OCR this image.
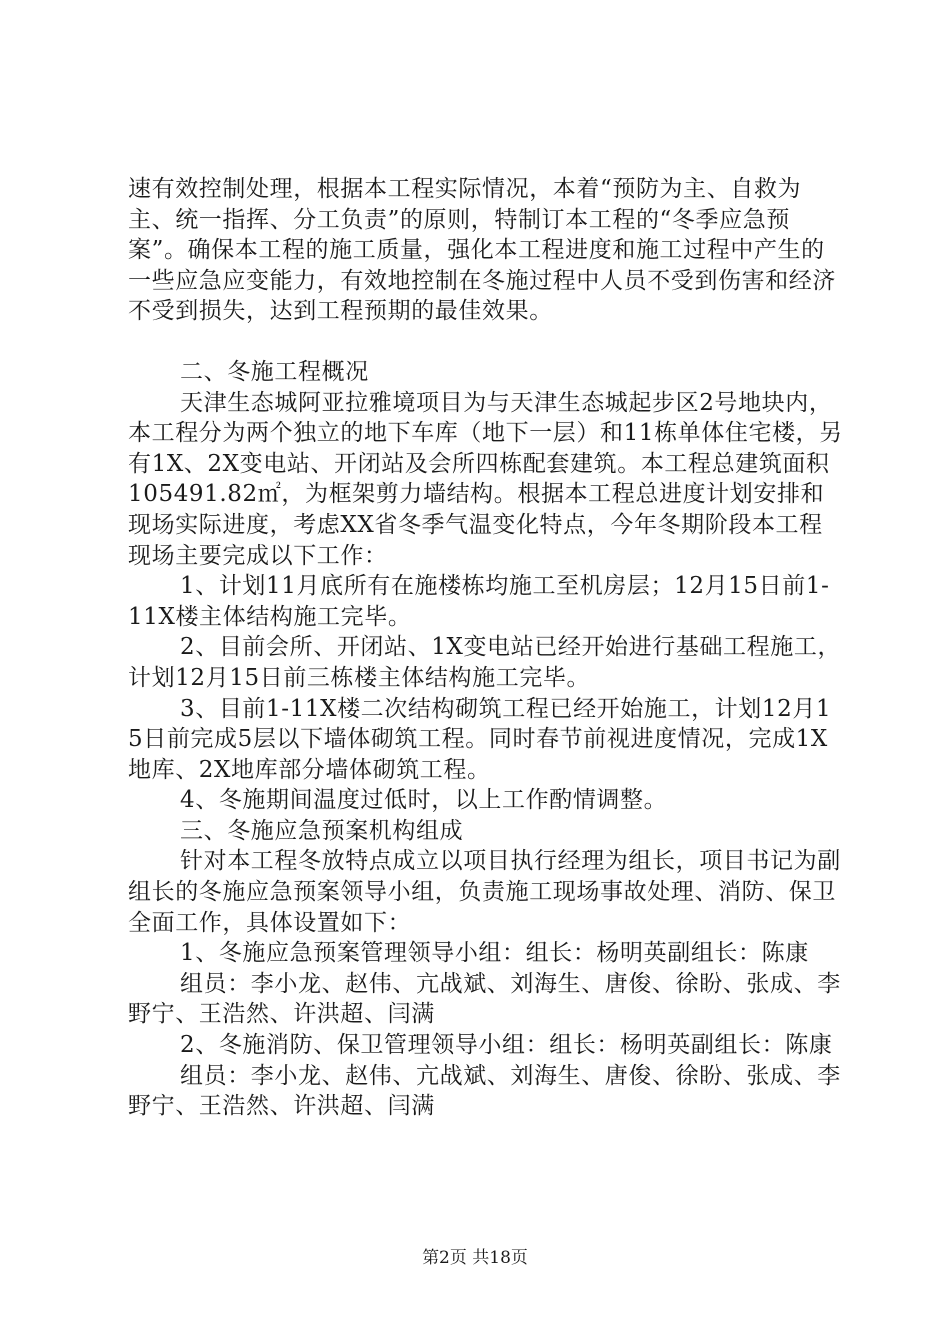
速有效控制处理，根据本工程实际情况，本着“预防为主、自救为主、统一指挥、分工负责”的原则，特制订本工程的“冬季应急预案”。确保本工程的施工质量，强化本工程进度和施工过程中产生的一些应急应变能力，有效地控制在冬施过程中人员不受到伤害和经济不受到损失，达到工程预期的最佳效果。

二、冬施工程概况

天津生态城阿亚拉雅境项目为与天津生态城起步区2号地块内，本工程分为两个独立的地下车库（地下一层）和11栋单体住宅楼，另有1X、2X变电站、开闭站及会所四栋配套建筑。本工程总建筑面积105491.82㎡，为框架剪力墙结构。根据本工程总进度计划安排和现场实际进度，考虑XX省冬季气温变化特点，今年冬期阶段本工程现场主要完成以下工作：

1、计划11月底所有在施楼栋均施工至机房层；12月15日前1-11X楼主体结构施工完毕。

2、目前会所、开闭站、1X变电站已经开始进行基础工程施工，计划12月15日前三栋楼主体结构施工完毕。

3、目前1-11X楼二次结构砌筑工程已经开始施工，计划12月15日前完成5层以下墙体砌筑工程。同时春节前视进度情况，完成1X地库、2X地库部分墙体砌筑工程。

4、冬施期间温度过低时，以上工作酌情调整。

三、冬施应急预案机构组成

针对本工程冬放特点成立以项目执行经理为组长，项目书记为副组长的冬施应急预案领导小组，负责施工现场事故处理、消防、保卫全面工作，具体设置如下：

1、冬施应急预案管理领导小组：组长：杨明英副组长：陈康

组员：李小龙、赵伟、亢战斌、刘海生、唐俊、徐盼、张成、李野宁、王浩然、许洪超、闫满

2、冬施消防、保卫管理领导小组：组长：杨明英副组长：陈康

组员：李小龙、赵伟、亢战斌、刘海生、唐俊、徐盼、张成、李野宁、王浩然、许洪超、闫满

第2页 共18页
